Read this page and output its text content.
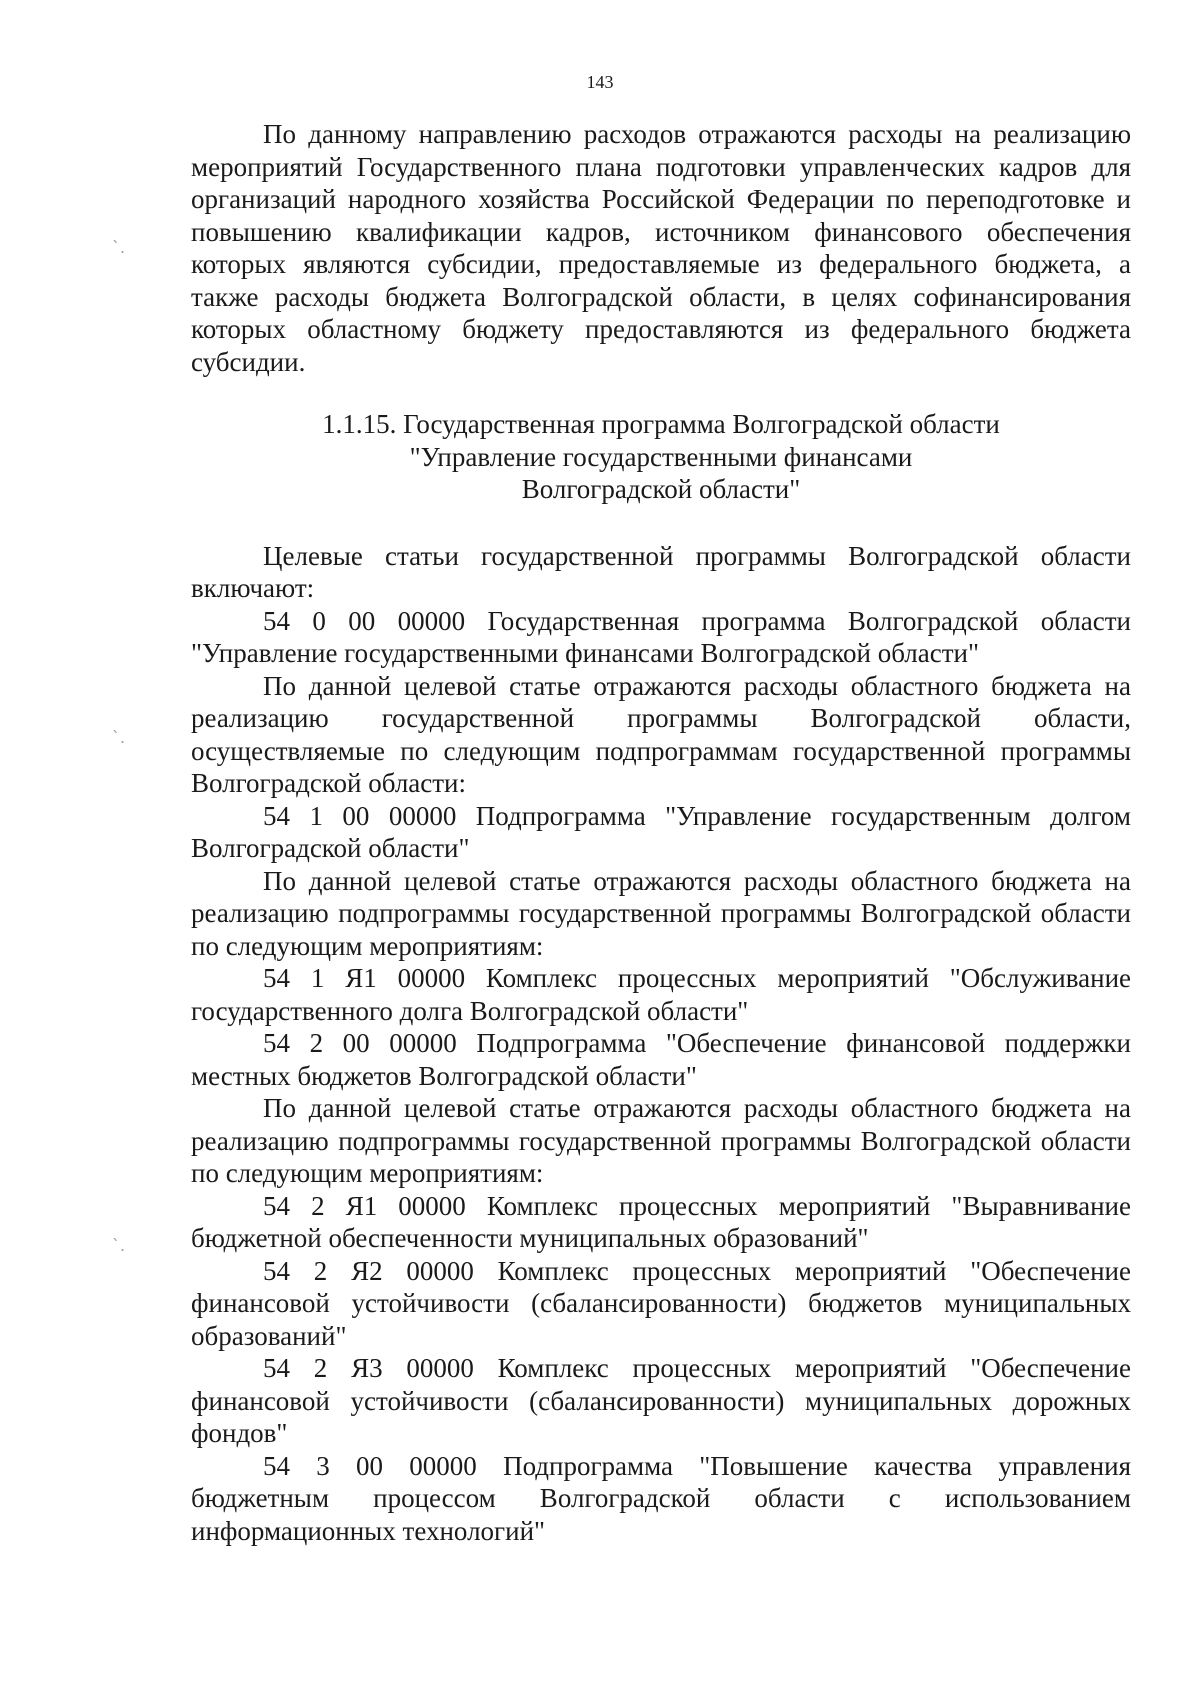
143
ˋ.
ˋ.
ˋ.

По данному направлению расходов отражаются расходы на реализацию мероприятий Государственного плана подготовки управленческих кадров для организаций народного хозяйства Российской Федерации по переподготовке и повышению квалификации кадров, источником финансового обеспечения которых являются субсидии, предоставляемые из федерального бюджета, а также расходы бюджета Волгоградской области, в целях софинансирования которых областному бюджету предоставляются из федерального бюджета субсидии.

1.1.15. Государственная программа Волгоградской области
"Управление государственными финансами
Волгоградской области"

Целевые статьи государственной программы Волгоградской области включают:

54 0 00 00000 Государственная программа Волгоградской области "Управление государственными финансами Волгоградской области"

По данной целевой статье отражаются расходы областного бюджета на реализацию государственной программы Волгоградской области, осуществляемые по следующим подпрограммам государственной программы Волгоградской области:

54 1 00 00000 Подпрограмма "Управление государственным долгом Волгоградской области"

По данной целевой статье отражаются расходы областного бюджета на реализацию подпрограммы государственной программы Волгоградской области по следующим мероприятиям:

54 1 Я1 00000 Комплекс процессных мероприятий "Обслуживание государственного долга Волгоградской области"

54 2 00 00000 Подпрограмма "Обеспечение финансовой поддержки местных бюджетов Волгоградской области"

По данной целевой статье отражаются расходы областного бюджета на реализацию подпрограммы государственной программы Волгоградской области по следующим мероприятиям:

54 2 Я1 00000 Комплекс процессных мероприятий "Выравнивание бюджетной обеспеченности муниципальных образований"

54 2 Я2 00000 Комплекс процессных мероприятий "Обеспечение финансовой устойчивости (сбалансированности) бюджетов муниципальных образований"

54 2 Я3 00000 Комплекс процессных мероприятий "Обеспечение финансовой устойчивости (сбалансированности) муниципальных дорожных фондов"

54 3 00 00000 Подпрограмма "Повышение качества управления бюджетным процессом Волгоградской области с использованием информационных технологий"
